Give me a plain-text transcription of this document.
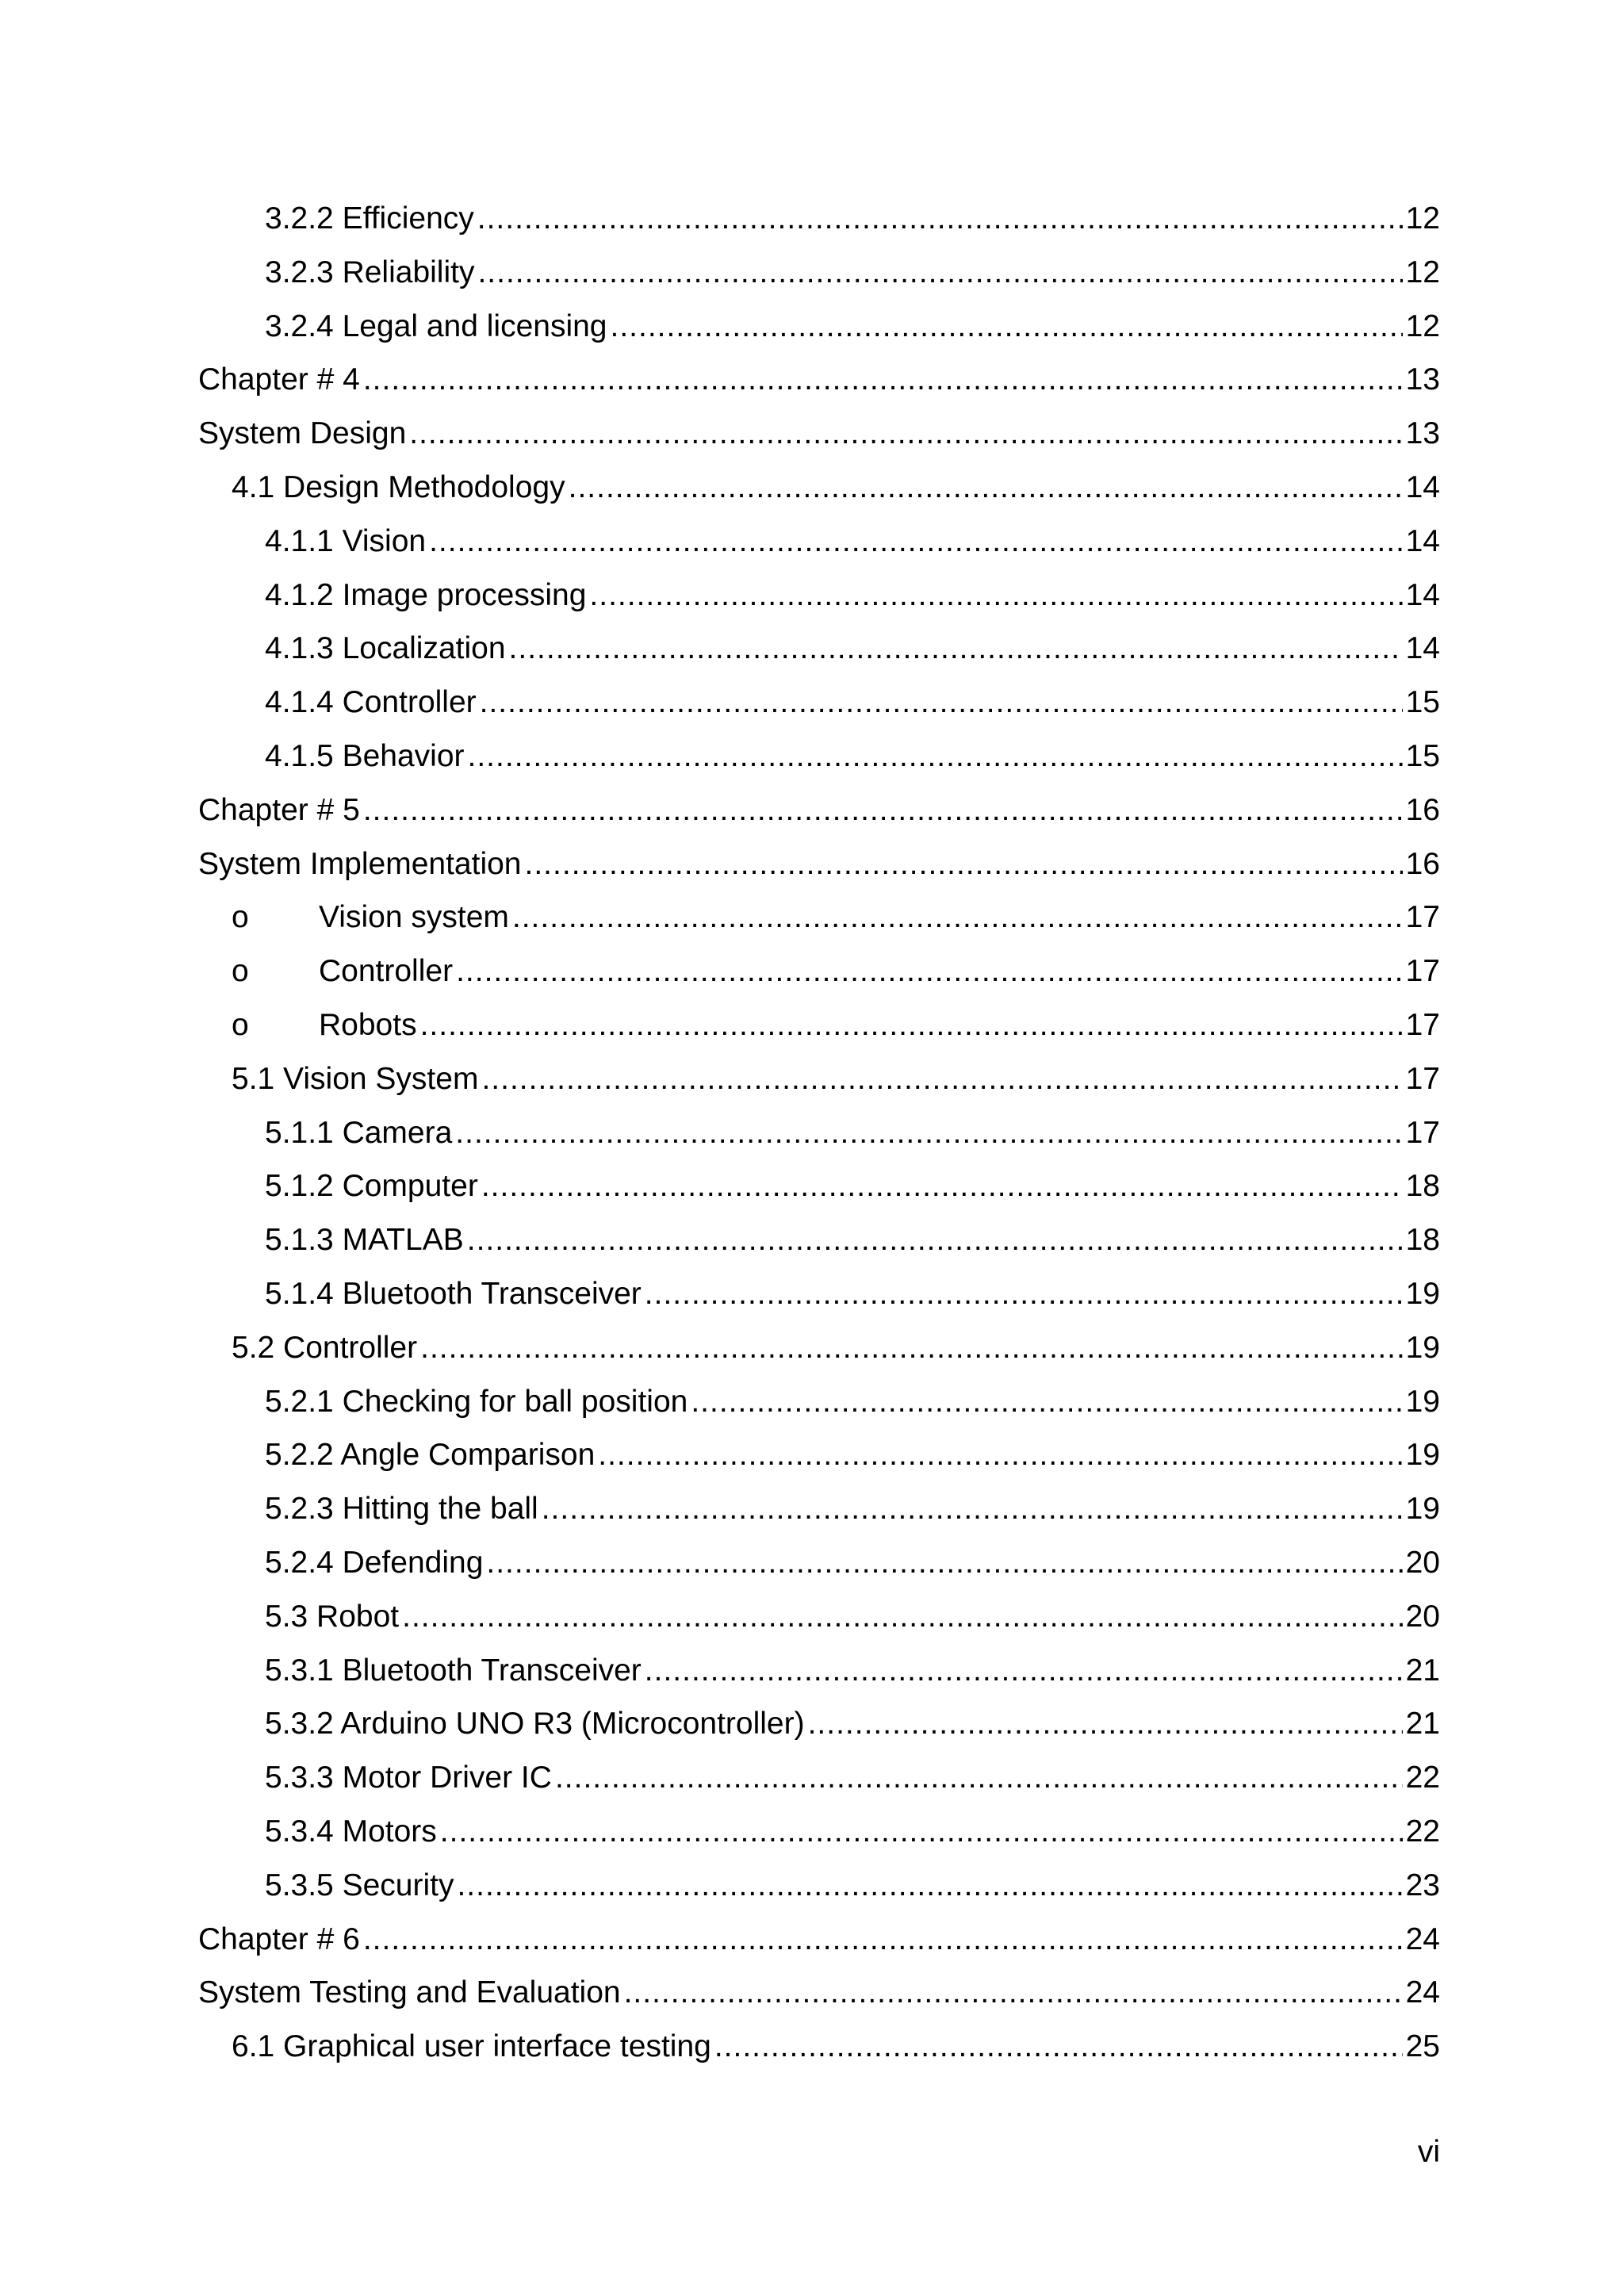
3.2.2 Efficiency .....	12
3.2.3 Reliability .....	12
3.2.4 Legal and licensing .....	12
Chapter # 4 .....	13
System Design .....	13
4.1 Design Methodology .....	14
4.1.1 Vision .....	14
4.1.2 Image processing .....	14
4.1.3 Localization .....	14
4.1.4 Controller .....	15
4.1.5 Behavior .....	15
Chapter # 5 .....	16
System Implementation .....	16
o	Vision system .....	17
o	Controller .....	17
o	Robots .....	17
5.1 Vision System .....	17
5.1.1 Camera .....	17
5.1.2 Computer .....	18
5.1.3 MATLAB .....	18
5.1.4 Bluetooth Transceiver .....	19
5.2 Controller .....	19
5.2.1 Checking for ball position .....	19
5.2.2 Angle Comparison .....	19
5.2.3 Hitting the ball .....	19
5.2.4 Defending .....	20
5.3 Robot .....	20
5.3.1 Bluetooth Transceiver .....	21
5.3.2 Arduino UNO R3 (Microcontroller) .....	21
5.3.3 Motor Driver IC .....	22
5.3.4 Motors .....	22
5.3.5 Security .....	23
Chapter # 6 .....	24
System Testing and Evaluation .....	24
6.1 Graphical user interface testing .....	25
vi
